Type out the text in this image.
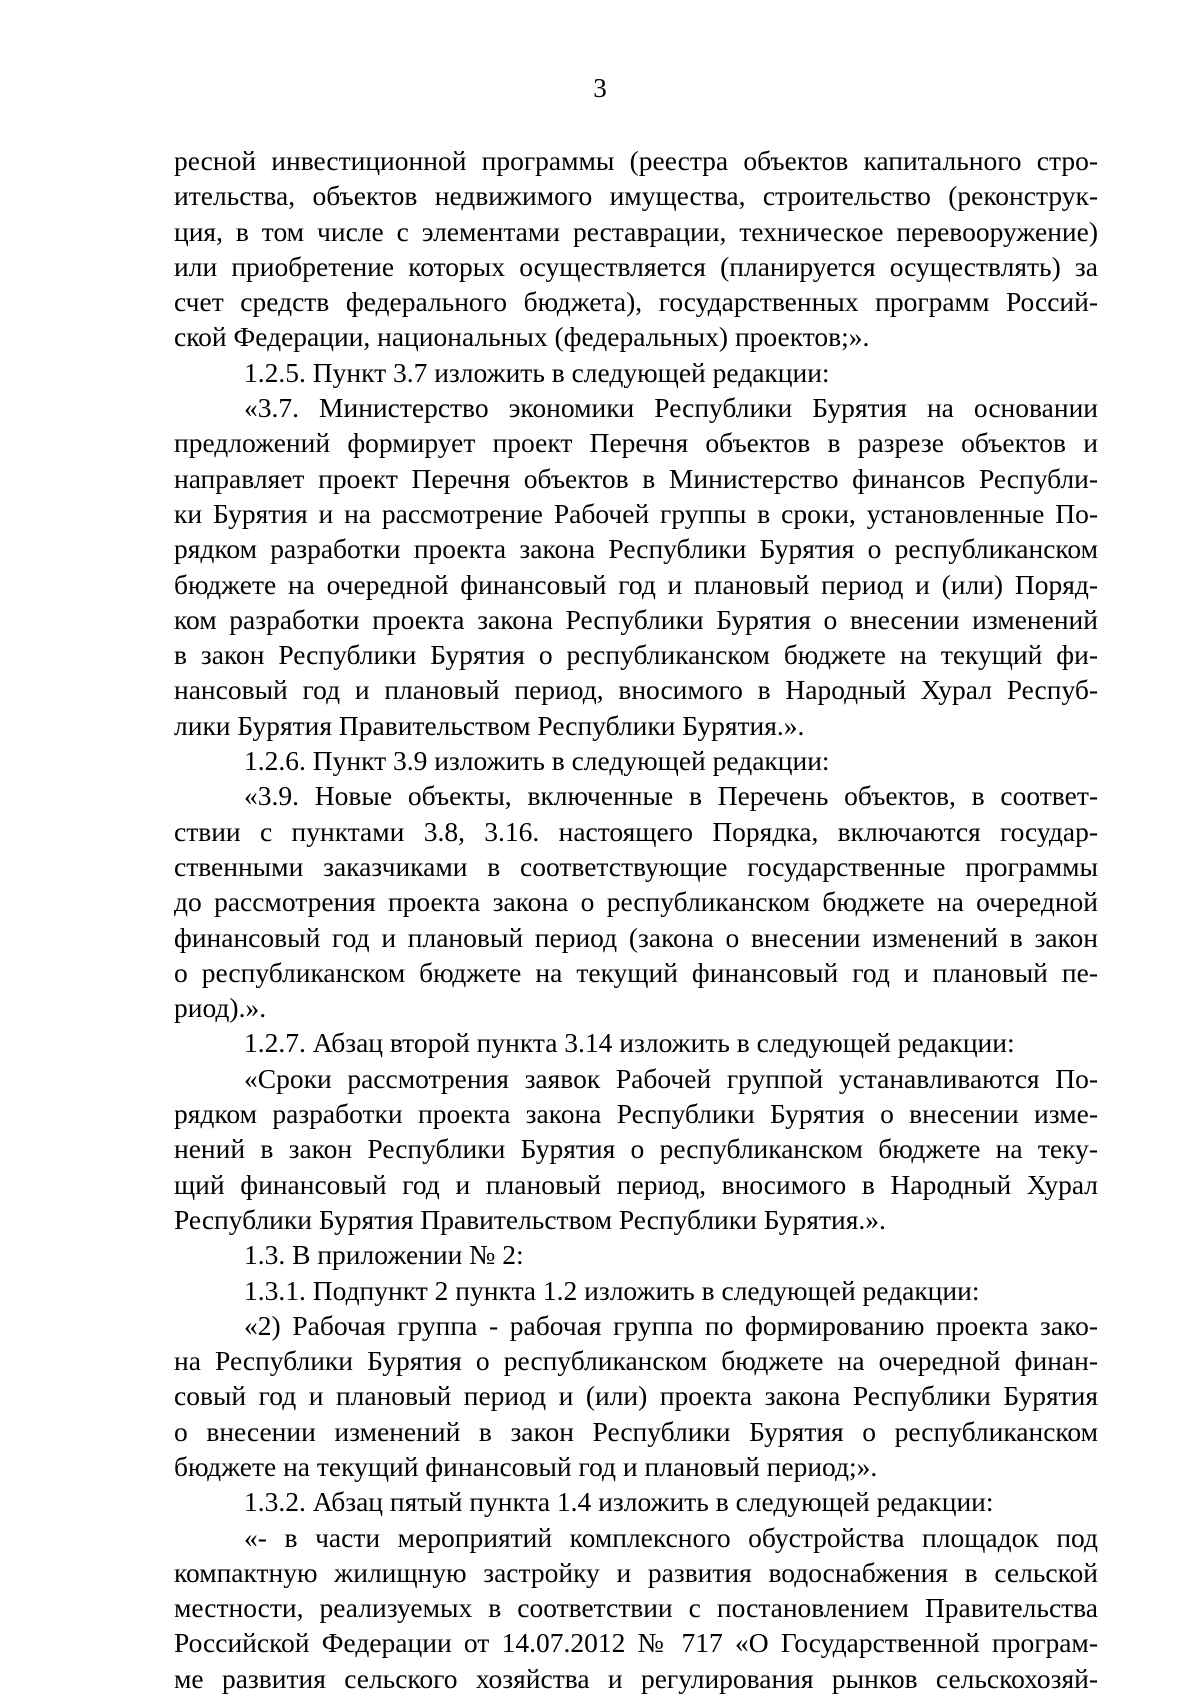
3
ресной инвестиционной программы (реестра объектов капитального стро-
ительства, объектов недвижимого имущества, строительство (реконструк-
ция, в том числе с элементами реставрации, техническое перевооружение)
или приобретение которых осуществляется (планируется осуществлять) за
счет средств федерального бюджета), государственных программ Россий-
ской Федерации, национальных (федеральных) проектов;».
1.2.5. Пункт 3.7 изложить в следующей редакции:
«3.7. Министерство экономики Республики Бурятия на основании
предложений формирует проект Перечня объектов в разрезе объектов и
направляет проект Перечня объектов в Министерство финансов Республи-
ки Бурятия и на рассмотрение Рабочей группы в сроки, установленные По-
рядком разработки проекта закона Республики Бурятия о республиканском
бюджете на очередной финансовый год и плановый период и (или) Поряд-
ком разработки проекта закона Республики Бурятия о внесении изменений
в закон Республики Бурятия о республиканском бюджете на текущий фи-
нансовый год и плановый период, вносимого в Народный Хурал Респуб-
лики Бурятия Правительством Республики Бурятия.».
1.2.6. Пункт 3.9 изложить в следующей редакции:
«3.9. Новые объекты, включенные в Перечень объектов, в соответ-
ствии с пунктами 3.8, 3.16. настоящего Порядка, включаются государ-
ственными заказчиками в соответствующие государственные программы
до рассмотрения проекта закона о республиканском бюджете на очередной
финансовый год и плановый период (закона о внесении изменений в закон
о республиканском бюджете на текущий финансовый год и плановый пе-
риод).».
1.2.7. Абзац второй пункта 3.14 изложить в следующей редакции:
«Сроки рассмотрения заявок Рабочей группой устанавливаются По-
рядком разработки проекта закона Республики Бурятия о внесении изме-
нений в закон Республики Бурятия о республиканском бюджете на теку-
щий финансовый год и плановый период, вносимого в Народный Хурал
Республики Бурятия Правительством Республики Бурятия.».
1.3. В приложении № 2:
1.3.1. Подпункт 2 пункта 1.2 изложить в следующей редакции:
«2) Рабочая группа - рабочая группа по формированию проекта зако-
на Республики Бурятия о республиканском бюджете на очередной финан-
совый год и плановый период и (или) проекта закона Республики Бурятия
о внесении изменений в закон Республики Бурятия о республиканском
бюджете на текущий финансовый год и плановый период;».
1.3.2. Абзац пятый пункта 1.4 изложить в следующей редакции:
«- в части мероприятий комплексного обустройства площадок под
компактную жилищную застройку и развития водоснабжения в сельской
местности, реализуемых в соответствии с постановлением Правительства
Российской Федерации от 14.07.2012 № 717 «О Государственной програм-
ме развития сельского хозяйства и регулирования рынков сельскохозяй-
